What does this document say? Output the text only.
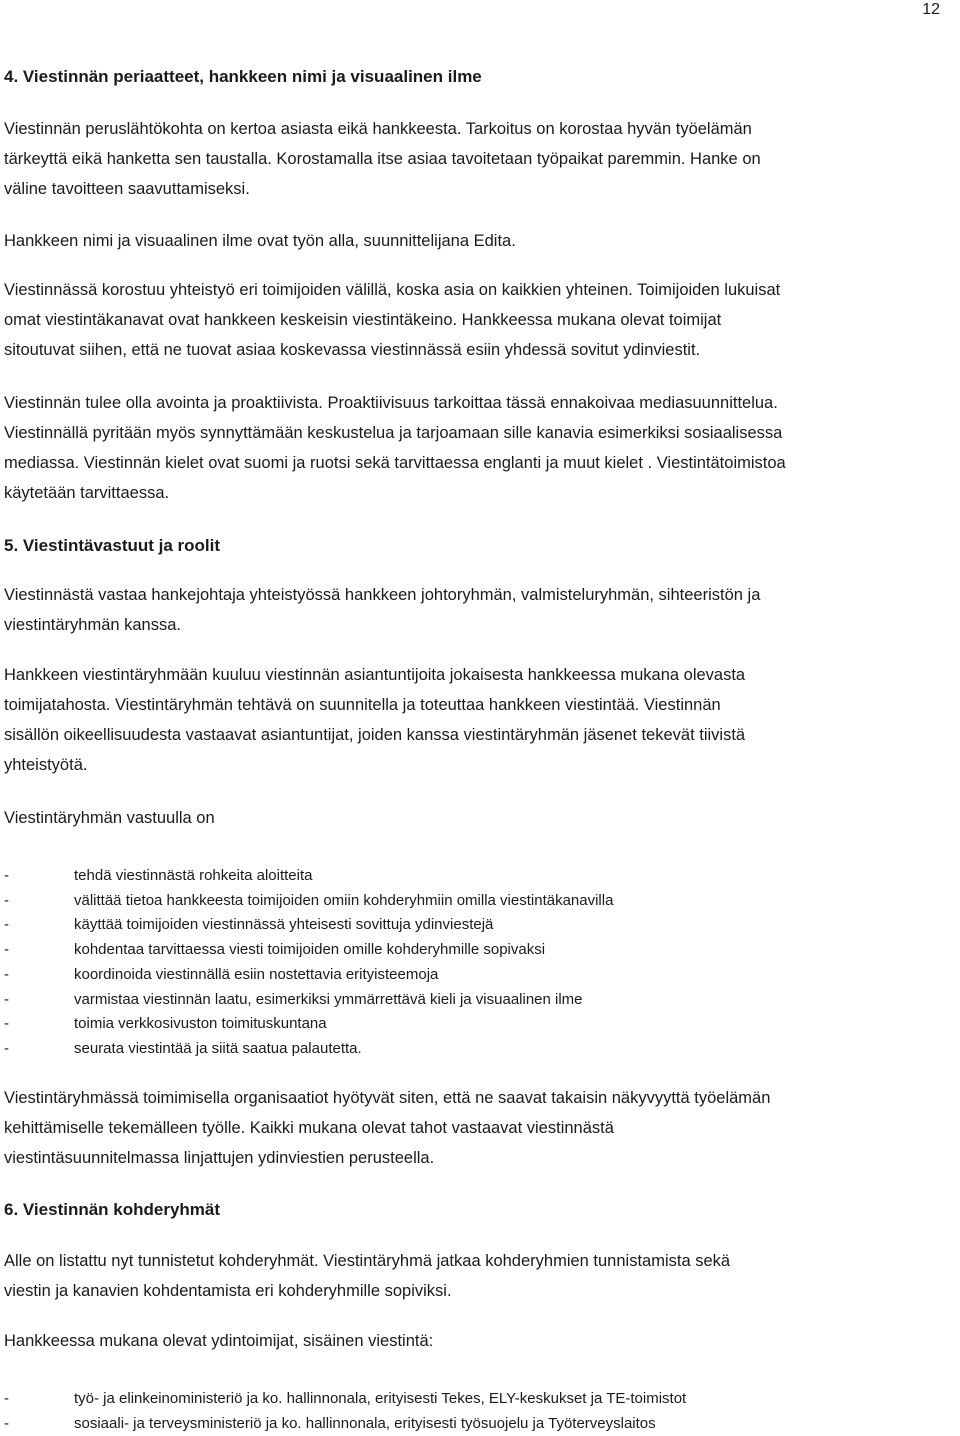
12
4. Viestinnän periaatteet, hankkeen nimi ja visuaalinen ilme
Viestinnän peruslähtökohta on kertoa asiasta eikä hankkeesta. Tarkoitus on korostaa hyvän työelämän
tärkeyttä eikä hanketta sen taustalla. Korostamalla itse asiaa tavoitetaan työpaikat paremmin. Hanke on
väline tavoitteen saavuttamiseksi.
Hankkeen nimi ja visuaalinen ilme ovat työn alla, suunnittelijana Edita.
Viestinnässä korostuu yhteistyö eri toimijoiden välillä, koska asia on kaikkien yhteinen. Toimijoiden lukuisat
omat viestintäkanavat ovat hankkeen keskeisin viestintäkeino. Hankkeessa mukana olevat toimijat
sitoutuvat siihen, että ne tuovat asiaa koskevassa viestinnässä esiin yhdessä sovitut ydinviestit.
Viestinnän tulee olla avointa ja proaktiivista. Proaktiivisuus tarkoittaa tässä ennakoivaa mediasuunnittelua.
Viestinnällä pyritään myös synnyttämään keskustelua ja tarjoamaan sille kanavia esimerkiksi sosiaalisessa
mediassa. Viestinnän kielet ovat suomi ja ruotsi sekä tarvittaessa englanti ja muut kielet . Viestintätoimistoa
käytetään tarvittaessa.
5. Viestintävastuut ja roolit
Viestinnästä vastaa hankejohtaja yhteistyössä hankkeen johtoryhmän, valmisteluryhmän, sihteeristön ja
viestintäryhmän kanssa.
Hankkeen viestintäryhmään kuuluu viestinnän asiantuntijoita jokaisesta hankkeessa mukana olevasta
toimijatahosta. Viestintäryhmän tehtävä on suunnitella ja toteuttaa hankkeen viestintää. Viestinnän
sisällön oikeellisuudesta vastaavat asiantuntijat, joiden kanssa viestintäryhmän jäsenet tekevät tiivistä
yhteistyötä.
Viestintäryhmän vastuulla on
-	tehdä viestinnästä rohkeita aloitteita
-	välittää tietoa hankkeesta toimijoiden omiin kohderyhmiin omilla viestintäkanavilla
-	käyttää toimijoiden viestinnässä yhteisesti sovittuja ydinviestejä
-	kohdentaa tarvittaessa viesti toimijoiden omille kohderyhmille sopivaksi
-	koordinoida viestinnällä esiin nostettavia erityisteemoja
-	varmistaa viestinnän laatu, esimerkiksi ymmärrettävä kieli ja visuaalinen ilme
-	toimia verkkosivuston toimituskuntana
-	seurata viestintää ja siitä saatua palautetta.
Viestintäryhmässä toimimisella organisaatiot hyötyvät siten, että ne saavat takaisin näkyvyyttä työelämän
kehittämiselle tekemälleen työlle. Kaikki mukana olevat tahot vastaavat viestinnästä
viestintäsuunnitelmassa linjattujen ydinviestien perusteella.
6. Viestinnän kohderyhmät
Alle on listattu nyt tunnistetut kohderyhmät. Viestintäryhmä jatkaa kohderyhmien tunnistamista sekä
viestin ja kanavien kohdentamista eri kohderyhmille sopiviksi.
Hankkeessa mukana olevat ydintoimijat, sisäinen viestintä:
-	työ- ja elinkeinoministeriö ja ko. hallinnonala, erityisesti Tekes, ELY-keskukset ja TE-toimistot
-	sosiaali- ja terveysministeriö ja ko. hallinnonala, erityisesti työsuojelu ja Työterveyslaitos
